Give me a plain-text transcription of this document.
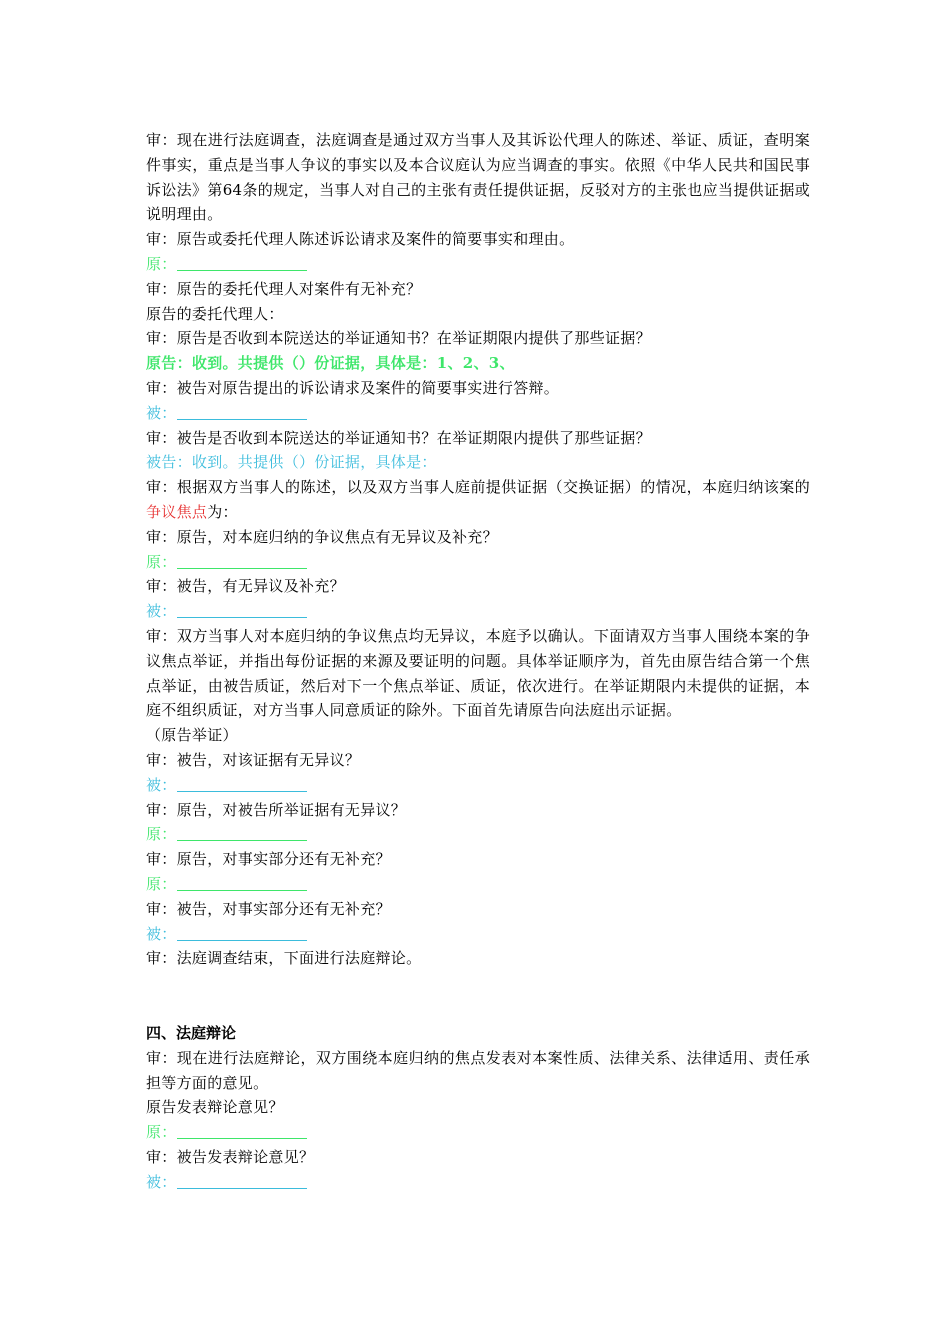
审：现在进行法庭调查，法庭调查是通过双方当事人及其诉讼代理人的陈述、举证、质证，查明案件事实，重点是当事人争议的事实以及本合议庭认为应当调查的事实。依照《中华人民共和国民事诉讼法》第64条的规定，当事人对自己的主张有责任提供证据，反驳对方的主张也应当提供证据或说明理由。

审：原告或委托代理人陈述诉讼请求及案件的简要事实和理由。

原：

审：原告的委托代理人对案件有无补充？

原告的委托代理人：

审：原告是否收到本院送达的举证通知书？在举证期限内提供了那些证据？

原告：收到。共提供（）份证据，具体是：1、2、3、

审：被告对原告提出的诉讼请求及案件的简要事实进行答辩。

被：

审：被告是否收到本院送达的举证通知书？在举证期限内提供了那些证据？

被告：收到。共提供（）份证据，具体是：

审：根据双方当事人的陈述，以及双方当事人庭前提供证据（交换证据）的情况，本庭归纳该案的争议焦点为：

审：原告，对本庭归纳的争议焦点有无异议及补充？

原：

审：被告，有无异议及补充？

被：

审：双方当事人对本庭归纳的争议焦点均无异议，本庭予以确认。下面请双方当事人围绕本案的争议焦点举证，并指出每份证据的来源及要证明的问题。具体举证顺序为，首先由原告结合第一个焦点举证，由被告质证，然后对下一个焦点举证、质证，依次进行。在举证期限内未提供的证据，本庭不组织质证，对方当事人同意质证的除外。下面首先请原告向法庭出示证据。

（原告举证）

审：被告，对该证据有无异议？

被：

审：原告，对被告所举证据有无异议？

原：

审：原告，对事实部分还有无补充？

原：

审：被告，对事实部分还有无补充？

被：

审：法庭调查结束，下面进行法庭辩论。

四、法庭辩论

审：现在进行法庭辩论，双方围绕本庭归纳的焦点发表对本案性质、法律关系、法律适用、责任承担等方面的意见。

原告发表辩论意见？

原：

审：被告发表辩论意见？

被：
